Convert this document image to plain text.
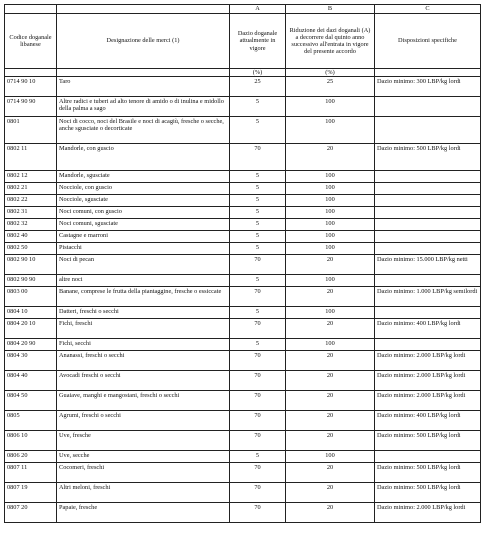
		A	B	C
Codice doganale libanese	Designazione delle merci (1)	Dazio doganale attualmente in vigore	Riduzione dei dazi doganali (A) a decorrere dal quinto anno successivo all'entrata in vigore del presente accordo	Disposizioni specifiche
		(%)	(%)	
0714 90 10	Taro	25	25	Dazio minimo: 300 LBP/kg lordi
0714 90 90	Altre radici e tuberi ad alto tenore di amido o di inulina e midollo della palma a sago	5	100	
0801	Noci di cocco, noci del Brasile e noci di acagiù, fresche o secche, anche sgusciate o decorticate	5	100	
0802 11	Mandorle, con guscio	70	20	Dazio minimo: 500 LBP/kg lordi
0802 12	Mandorle, sgusciate	5	100	
0802 21	Nocciole, con guscio	5	100	
0802 22	Nocciole, sgusciate	5	100	
0802 31	Noci comuni, con guscio	5	100	
0802 32	Noci comuni, sgusciate	5	100	
0802 40	Castagne e marroni	5	100	
0802 50	Pistacchi	5	100	
0802 90 10	Noci di pecan	70	20	Dazio minimo: 15.000 LBP/kg netti
0802 90 90	altre noci	5	100	
0803 00	Banane, comprese le frutta della piantaggine, fresche o essiccate	70	20	Dazio minimo: 1.000 LBP/kg semilordi
0804 10	Datteri, freschi o secchi	5	100	
0804 20 10	Fichi, freschi	70	20	Dazio minimo: 400 LBP/kg lordi
0804 20 90	Fichi, secchi	5	100	
0804 30	Ananassi, freschi o secchi	70	20	Dazio minimo: 2.000 LBP/kg lordi
0804 40	Avocadi freschi o secchi	70	20	Dazio minimo: 2.000 LBP/kg lordi
0804 50	Guaiave, manghi e mangostani, freschi o secchi	70	20	Dazio minimo: 2.000 LBP/kg lordi
0805	Agrumi, freschi o secchi	70	20	Dazio minimo: 400 LBP/kg lordi
0806 10	Uve, fresche	70	20	Dazio minimo: 500 LBP/kg lordi
0806 20	Uve, secche	5	100	
0807 11	Cocomeri, freschi	70	20	Dazio minimo: 500 LBP/kg lordi
0807 19	Altri meloni, freschi	70	20	Dazio minimo: 500 LBP/kg lordi
0807 20	Papaie, fresche	70	20	Dazio minimo: 2.000 LBP/kg lordi
